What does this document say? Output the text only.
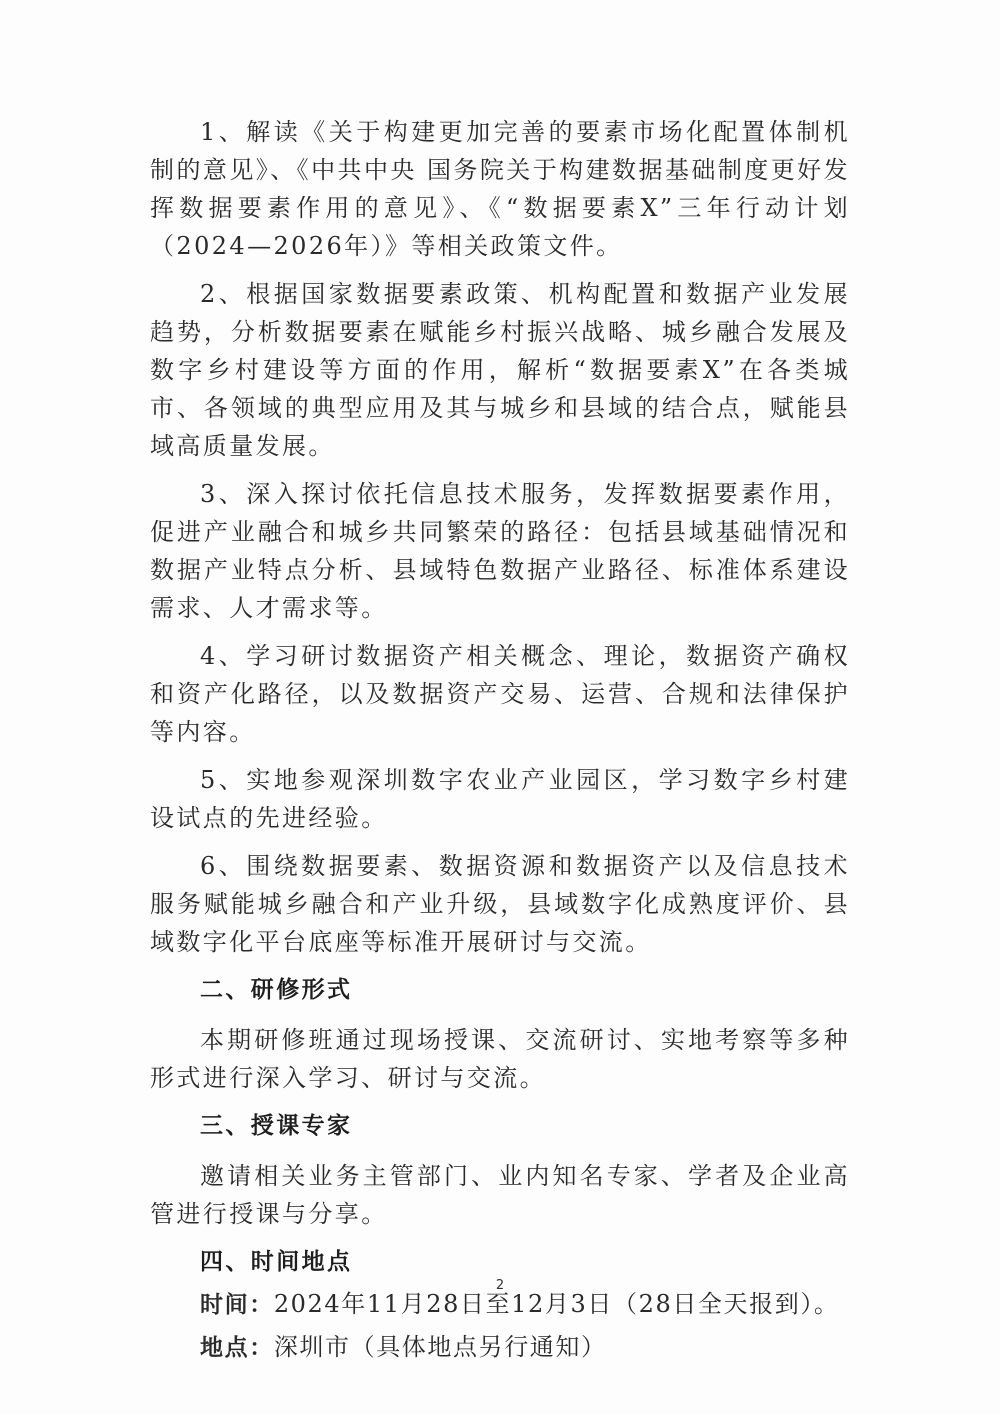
1、解读《关于构建更加完善的要素市场化配置体制机制的意见》、《中共中央 国务院关于构建数据基础制度更好发挥数据要素作用的意见》、《“数据要素X”三年行动计划（2024—2026年）》等相关政策文件。

2、根据国家数据要素政策、机构配置和数据产业发展趋势，分析数据要素在赋能乡村振兴战略、城乡融合发展及数字乡村建设等方面的作用，解析“数据要素X”在各类城市、各领域的典型应用及其与城乡和县域的结合点，赋能县域高质量发展。

3、深入探讨依托信息技术服务，发挥数据要素作用，促进产业融合和城乡共同繁荣的路径：包括县域基础情况和数据产业特点分析、县域特色数据产业路径、标准体系建设需求、人才需求等。

4、学习研讨数据资产相关概念、理论，数据资产确权和资产化路径，以及数据资产交易、运营、合规和法律保护等内容。

5、实地参观深圳数字农业产业园区，学习数字乡村建设试点的先进经验。

6、围绕数据要素、数据资源和数据资产以及信息技术服务赋能城乡融合和产业升级，县域数字化成熟度评价、县域数字化平台底座等标准开展研讨与交流。

二、研修形式

本期研修班通过现场授课、交流研讨、实地考察等多种形式进行深入学习、研讨与交流。

三、授课专家

邀请相关业务主管部门、业内知名专家、学者及企业高管进行授课与分享。

四、时间地点
时间：2024年11月28日至12月3日（28日全天报到）。
地点：深圳市（具体地点另行通知）
2
